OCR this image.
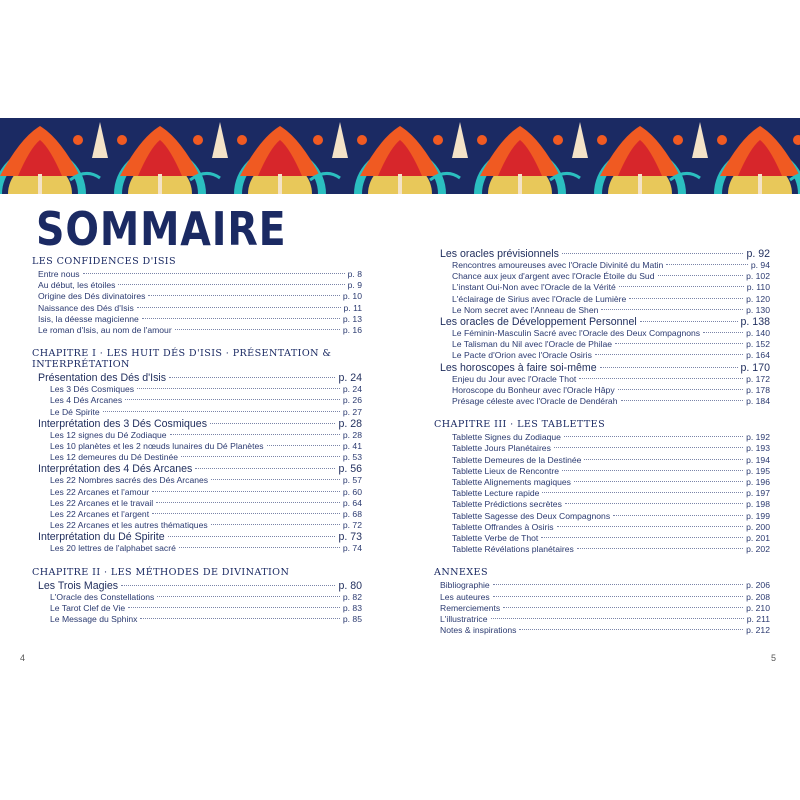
SOMMAIRE
LES CONFIDENCES D'ISIS
Entre nous	p. 8
Au début, les étoiles	p. 9
Origine des Dés divinatoires	p. 10
Naissance des Dés d'Isis	p. 11
Isis, la déesse magicienne	p. 13
Le roman d'Isis, au nom de l'amour	p. 16
CHAPITRE I · LES HUIT DÉS D'ISIS · PRÉSENTATION & INTERPRÉTATION
Présentation des Dés d'Isis	p. 24
Les 3 Dés Cosmiques	p. 24
Les 4 Dés Arcanes	p. 26
Le Dé Spirite	p. 27
Interprétation des 3 Dés Cosmiques	p. 28
Les 12 signes du Dé Zodiaque	p. 28
Les 10 planètes et les 2 nœuds lunaires du Dé Planètes	p. 41
Les 12 demeures du Dé Destinée	p. 53
Interprétation des 4 Dés Arcanes	p. 56
Les 22 Nombres sacrés des Dés Arcanes	p. 57
Les 22 Arcanes et l'amour	p. 60
Les 22 Arcanes et le travail	p. 64
Les 22 Arcanes et l'argent	p. 68
Les 22 Arcanes et les autres thématiques	p. 72
Interprétation du Dé Spirite	p. 73
Les 20 lettres de l'alphabet sacré	p. 74
CHAPITRE II · LES MÉTHODES DE DIVINATION
Les Trois Magies	p. 80
L'Oracle des Constellations	p. 82
Le Tarot Clef de Vie	p. 83
Le Message du Sphinx	p. 85
Les oracles prévisionnels	p. 92
Rencontres amoureuses avec l'Oracle Divinité du Matin	p. 94
Chance aux jeux d'argent avec l'Oracle Étoile du Sud	p. 102
L'instant Oui-Non avec l'Oracle de la Vérité	p. 110
L'éclairage de Sirius avec l'Oracle de Lumière	p. 120
Le Nom secret avec l'Anneau de Shen	p. 130
Les oracles de Développement Personnel	p. 138
Le Féminin-Masculin Sacré avec l'Oracle des Deux Compagnons	p. 140
Le Talisman du Nil avec l'Oracle de Philae	p. 152
Le Pacte d'Orion avec l'Oracle Osiris	p. 164
Les horoscopes à faire soi-même	p. 170
Enjeu du Jour avec l'Oracle Thot	p. 172
Horoscope du Bonheur avec l'Oracle Hâpy	p. 178
Présage céleste avec l'Oracle de Dendérah	p. 184
CHAPITRE III · LES TABLETTES
Tablette Signes du Zodiaque	p. 192
Tablette Jours Planétaires	p. 193
Tablette Demeures de la Destinée	p. 194
Tablette Lieux de Rencontre	p. 195
Tablette Alignements magiques	p. 196
Tablette Lecture rapide	p. 197
Tablette Prédictions secrètes	p. 198
Tablette Sagesse des Deux Compagnons	p. 199
Tablette Offrandes à Osiris	p. 200
Tablette Verbe de Thot	p. 201
Tablette Révélations planétaires	p. 202
ANNEXES
Bibliographie	p. 206
Les auteures	p. 208
Remerciements	p. 210
L'illustratrice	p. 211
Notes & inspirations	p. 212
4	5
